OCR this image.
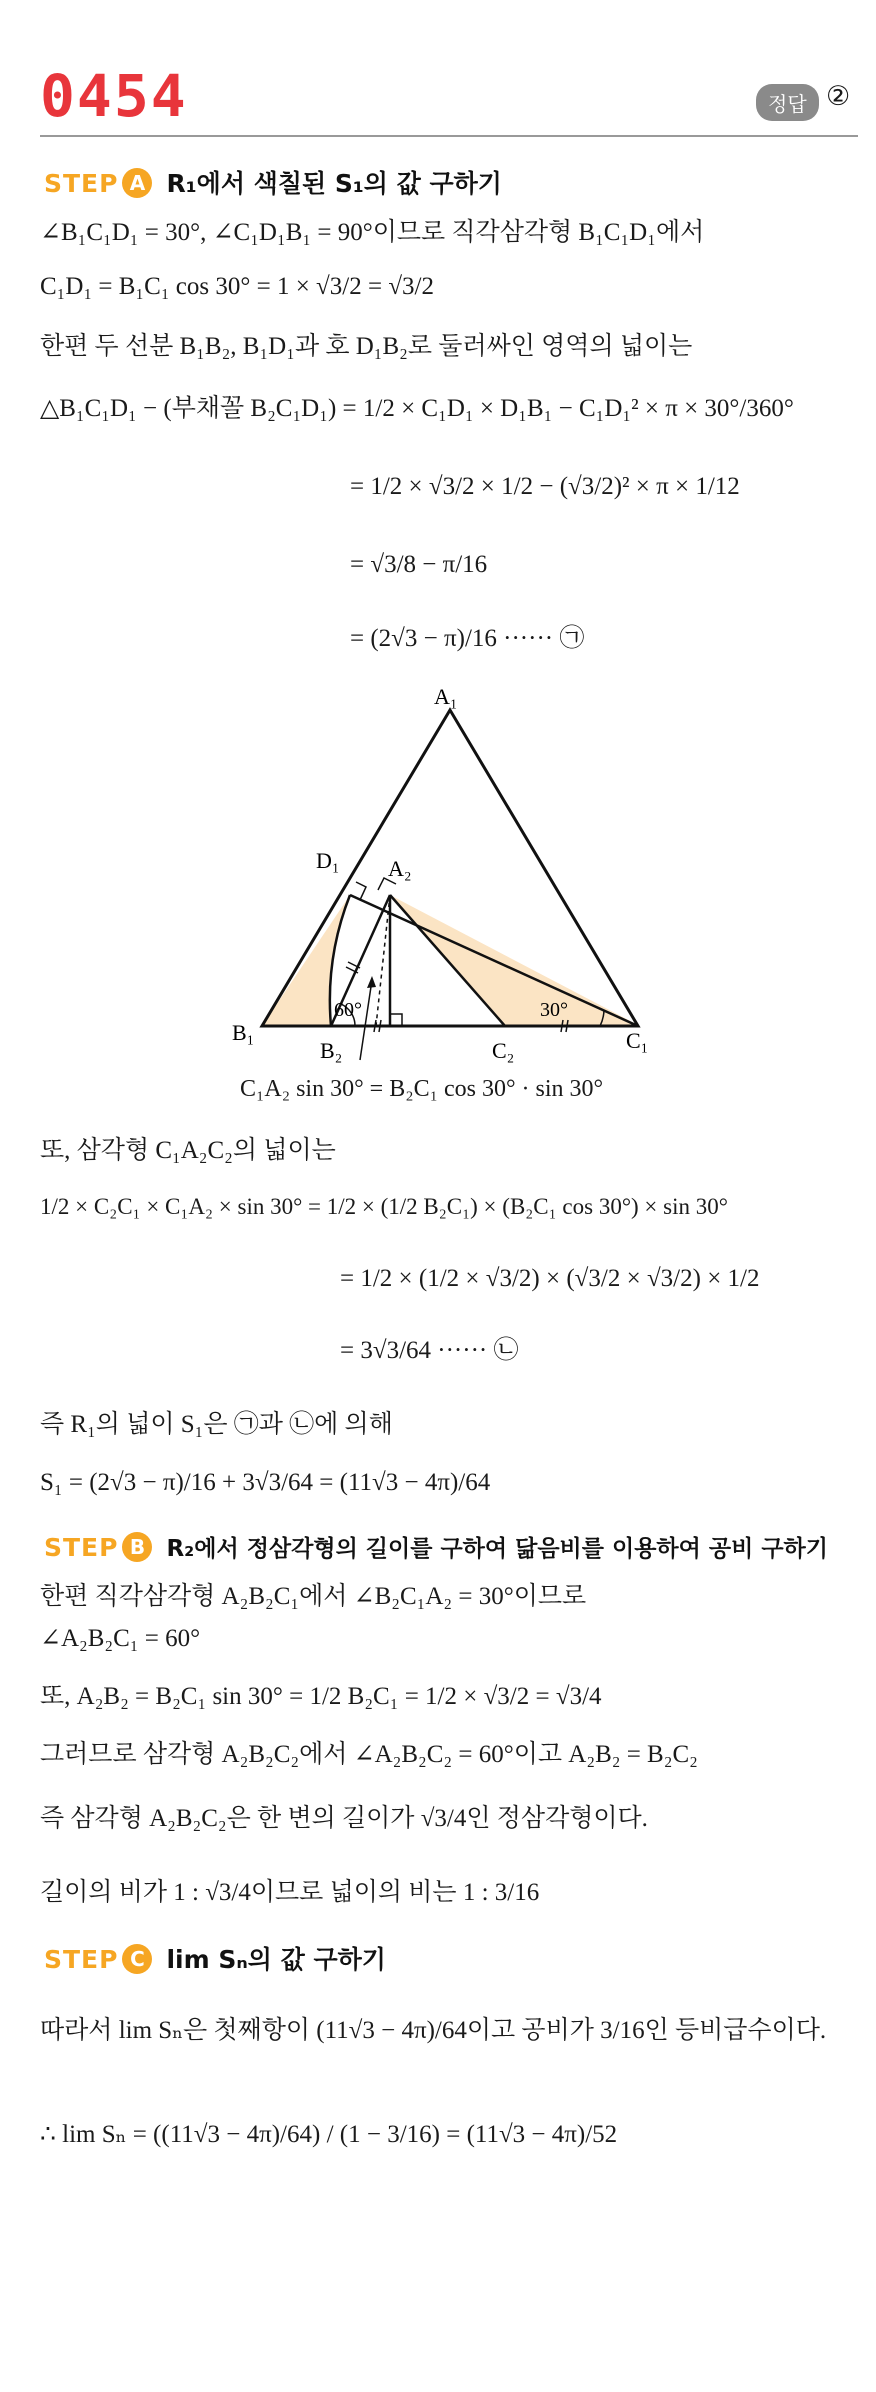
0454	정답 ②
STEP A R₁에서 색칠된 S₁의 값 구하기
∠B₁C₁D₁ = 30°, ∠C₁D₁B₁ = 90°이므로 직각삼각형 B₁C₁D₁에서
C₁D₁ = B₁C₁ cos 30° = 1 × √3/2 = √3/2
한편 두 선분 B₁B₂, B₁D₁과 호 D₁B₂로 둘러싸인 영역의 넓이는
△B₁C₁D₁ − (부채꼴 B₂C₁D₁) = 1/2 × C₁D₁ × D₁B₁ − C₁D₁² × π × 30°/360°
= 1/2 × √3/2 × 1/2 − (√3/2)² × π × 1/12
= √3/8 − π/16
= (2√3 − π)/16 ······ ㉠
A₁
D₁ A₂
B₁
B₂	C₂	C₁
60°	30°
C₁A₂ sin 30° = B₂C₁ cos 30° · sin 30°
또, 삼각형 C₁A₂C₂의 넓이는
1/2 × C₂C₁ × C₁A₂ × sin 30° = 1/2 × (1/2 B₂C₁) × (B₂C₁ cos 30°) × sin 30°
= 1/2 × (1/2 × √3/2) × (√3/2 × √3/2) × 1/2
= 3√3/64 ······ ㉡
즉 R₁의 넓이 S₁은 ㉠과 ㉡에 의해
S₁ = (2√3 − π)/16 + 3√3/64 = (11√3 − 4π)/64
STEP B R₂에서 정삼각형의 길이를 구하여 닮음비를 이용하여 공비 구하기
한편 직각삼각형 A₂B₂C₁에서 ∠B₂C₁A₂ = 30°이므로
∠A₂B₂C₁ = 60°
또, A₂B₂ = B₂C₁ sin 30° = 1/2 B₂C₁ = 1/2 × √3/2 = √3/4
그러므로 삼각형 A₂B₂C₂에서 ∠A₂B₂C₂ = 60°이고 A₂B₂ = B₂C₂
즉 삼각형 A₂B₂C₂은 한 변의 길이가 √3/4인 정삼각형이다.
길이의 비가 1 : √3/4이므로 넓이의 비는 1 : 3/16
STEP C lim Sₙ의 값 구하기
따라서 lim Sₙ은 첫째항이 (11√3 − 4π)/64이고 공비가 3/16인 등비급수이다.
∴ lim Sₙ = ((11√3 − 4π)/64) / (1 − 3/16) = (11√3 − 4π)/52
